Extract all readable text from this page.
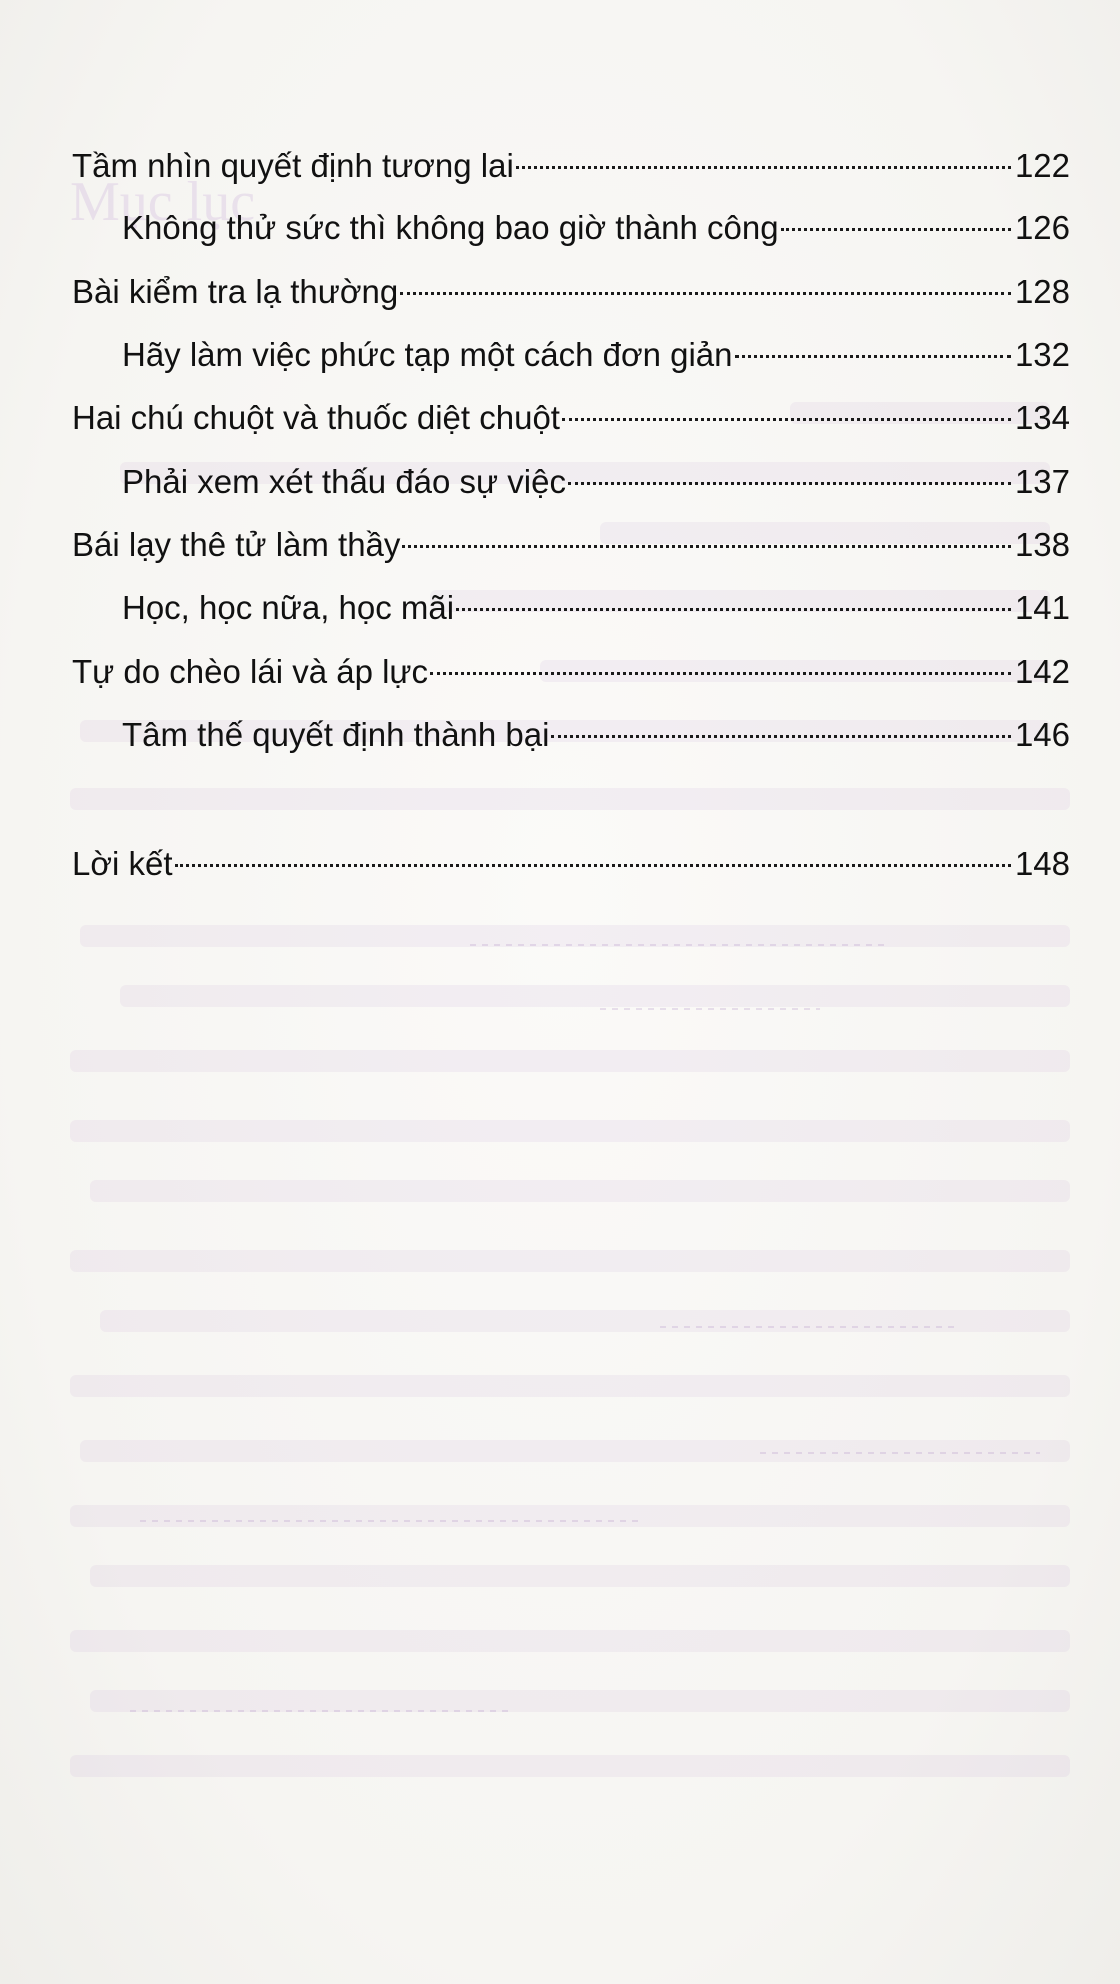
Mục lục
Tầm nhìn quyết định tương lai	122
Không thử sức thì không bao giờ thành công	126
Bài kiểm tra lạ thường	128
Hãy làm việc phức tạp một cách đơn giản	132
Hai chú chuột và thuốc diệt chuột	134
Phải xem xét thấu đáo sự việc	137
Bái lạy thê tử làm thầy	138
Học, học nữa, học mãi	141
Tự do chèo lái và áp lực	142
Tâm thế quyết định thành bại	146
Lời kết	148
